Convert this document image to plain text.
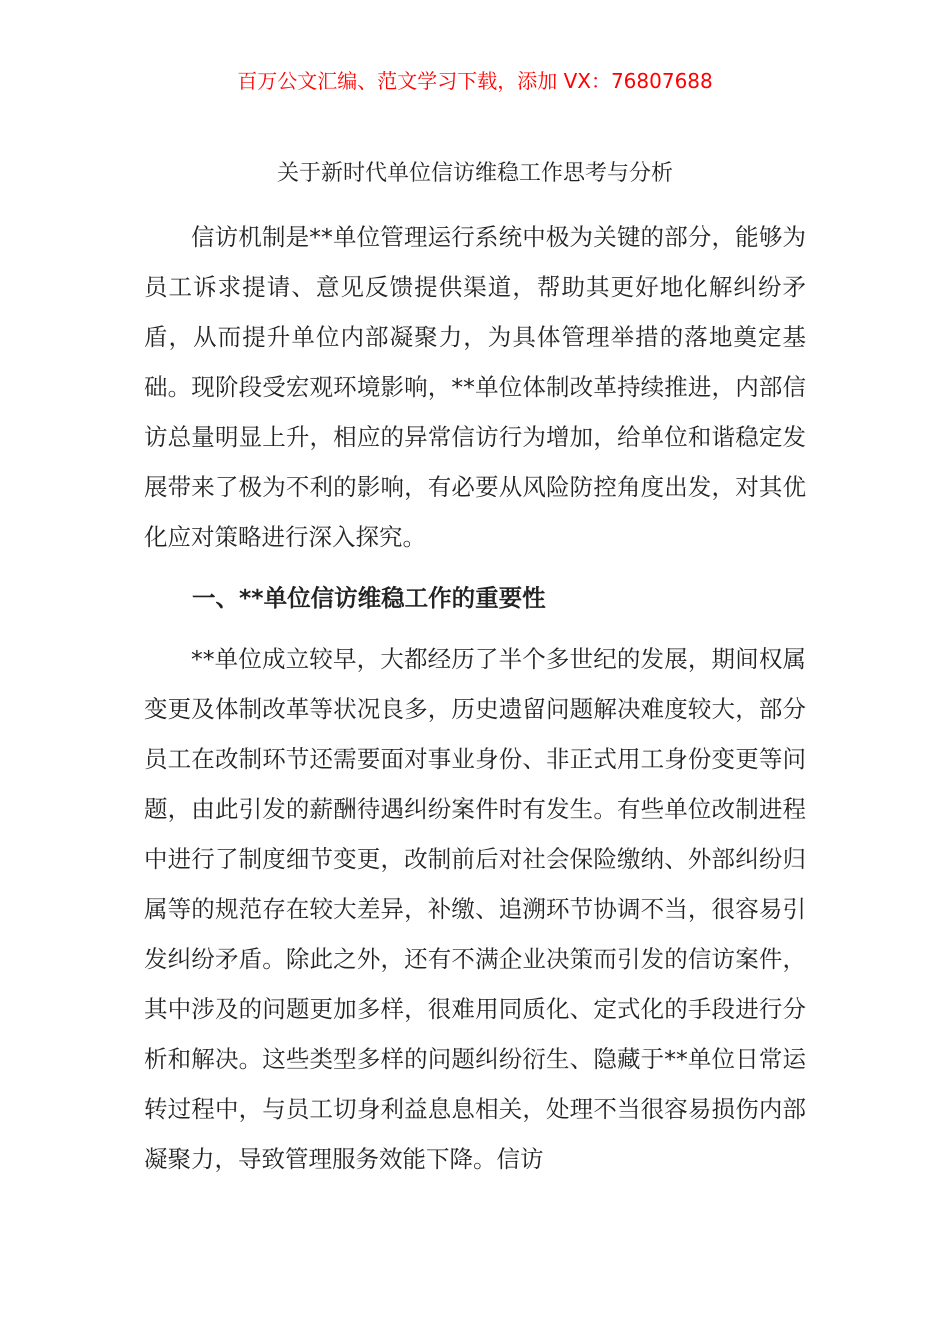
百万公文汇编、范文学习下载，添加 VX：76807688
关于新时代单位信访维稳工作思考与分析

信访机制是**单位管理运行系统中极为关键的部分，能够为员工诉求提请、意见反馈提供渠道，帮助其更好地化解纠纷矛盾，从而提升单位内部凝聚力，为具体管理举措的落地奠定基础。现阶段受宏观环境影响，**单位体制改革持续推进，内部信访总量明显上升，相应的异常信访行为增加，给单位和谐稳定发展带来了极为不利的影响，有必要从风险防控角度出发，对其优化应对策略进行深入探究。

一、**单位信访维稳工作的重要性

**单位成立较早，大都经历了半个多世纪的发展，期间权属变更及体制改革等状况良多，历史遗留问题解决难度较大，部分员工在改制环节还需要面对事业身份、非正式用工身份变更等问题，由此引发的薪酬待遇纠纷案件时有发生。有些单位改制进程中进行了制度细节变更，改制前后对社会保险缴纳、外部纠纷归属等的规范存在较大差异，补缴、追溯环节协调不当，很容易引发纠纷矛盾。除此之外，还有不满企业决策而引发的信访案件，其中涉及的问题更加多样，很难用同质化、定式化的手段进行分析和解决。这些类型多样的问题纠纷衍生、隐藏于**单位日常运转过程中，与员工切身利益息息相关，处理不当很容易损伤内部凝聚力，导致管理服务效能下降。信访
